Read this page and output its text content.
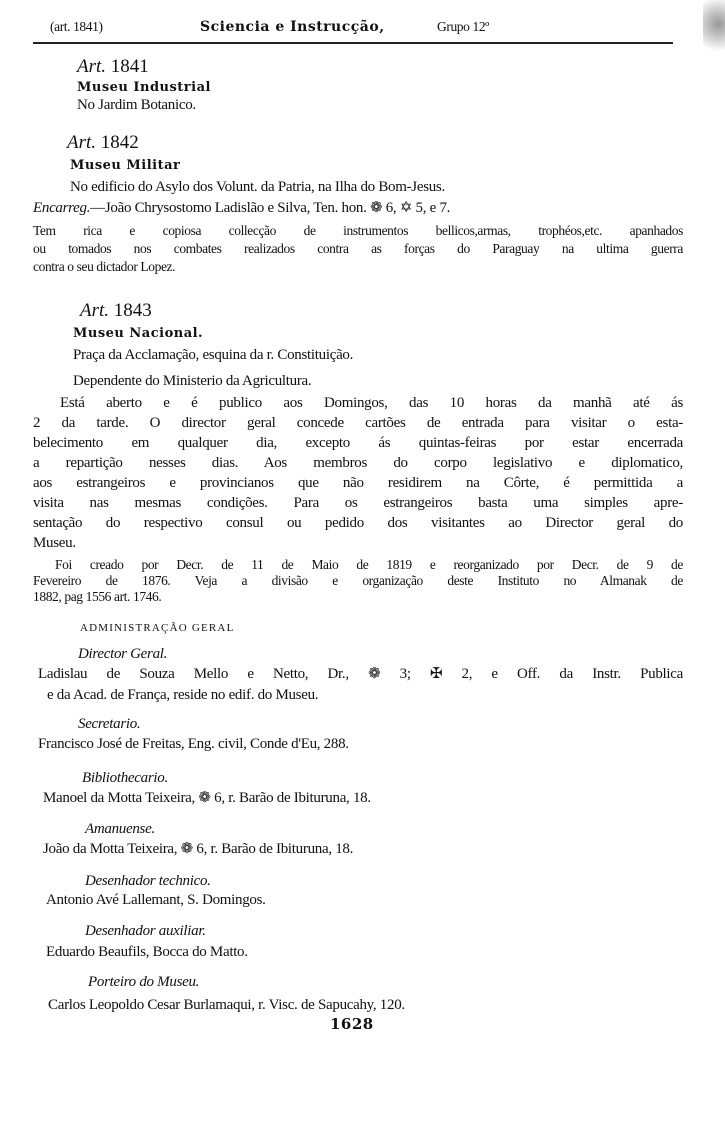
(art. 1841)	Sciencia e Instrucção,	Grupo 12º
Art. 1841
Museu Industrial
No Jardim Botanico.
Art. 1842
Museu Militar
No edificio do Asylo dos Volunt. da Patria, na Ilha do Bom-Jesus.
Encarreg.—João Chrysostomo Ladislão e Silva, Ten. hon. ❁ 6, ✡ 5, e 7.
Tem rica e copiosa collecção de instrumentos bellicos,armas, trophéos,etc. apanhados
ou tomados nos combates realizados contra as forças do Paraguay na ultima guerra
contra o seu dictador Lopez.
Art. 1843
Museu Nacional.
Praça da Acclamação, esquina da r. Constituição.
Dependente do Ministerio da Agricultura.
Está aberto e é publico aos Domingos, das 10 horas da manhã até ás
2 da tarde. O director geral concede cartões de entrada para visitar o esta-
belecimento em qualquer dia, excepto ás quintas-feiras por estar encerrada
a repartição nesses dias. Aos membros do corpo legislativo e diplomatico,
aos estrangeiros e provincianos que não residirem na Côrte, é permittida a
visita nas mesmas condições. Para os estrangeiros basta uma simples apre-
sentação do respectivo consul ou pedido dos visitantes ao Director geral do
Museu.
Foi creado por Decr. de 11 de Maio de 1819 e reorganizado por Decr. de 9 de
Fevereiro de 1876. Veja a divisão e organização deste Instituto no Almanak de
1882, pag 1556 art. 1746.
ADMINISTRAÇÃO GERAL
Director Geral.
Ladislau de Souza Mello e Netto, Dr., ❁ 3; ✠ 2, e Off. da Instr. Publica
e da Acad. de França, reside no edif. do Museu.
Secretario.
Francisco José de Freitas, Eng. civil, Conde d'Eu, 288.
Bibliothecario.
Manoel da Motta Teixeira, ❁ 6, r. Barão de Ibituruna, 18.
Amanuense.
João da Motta Teixeira, ❁ 6, r. Barão de Ibituruna, 18.
Desenhador technico.
Antonio Avé Lallemant, S. Domingos.
Desenhador auxiliar.
Eduardo Beaufils, Bocca do Matto.
Porteiro do Museu.
Carlos Leopoldo Cesar Burlamaqui, r. Visc. de Sapucahy, 120.
1628
